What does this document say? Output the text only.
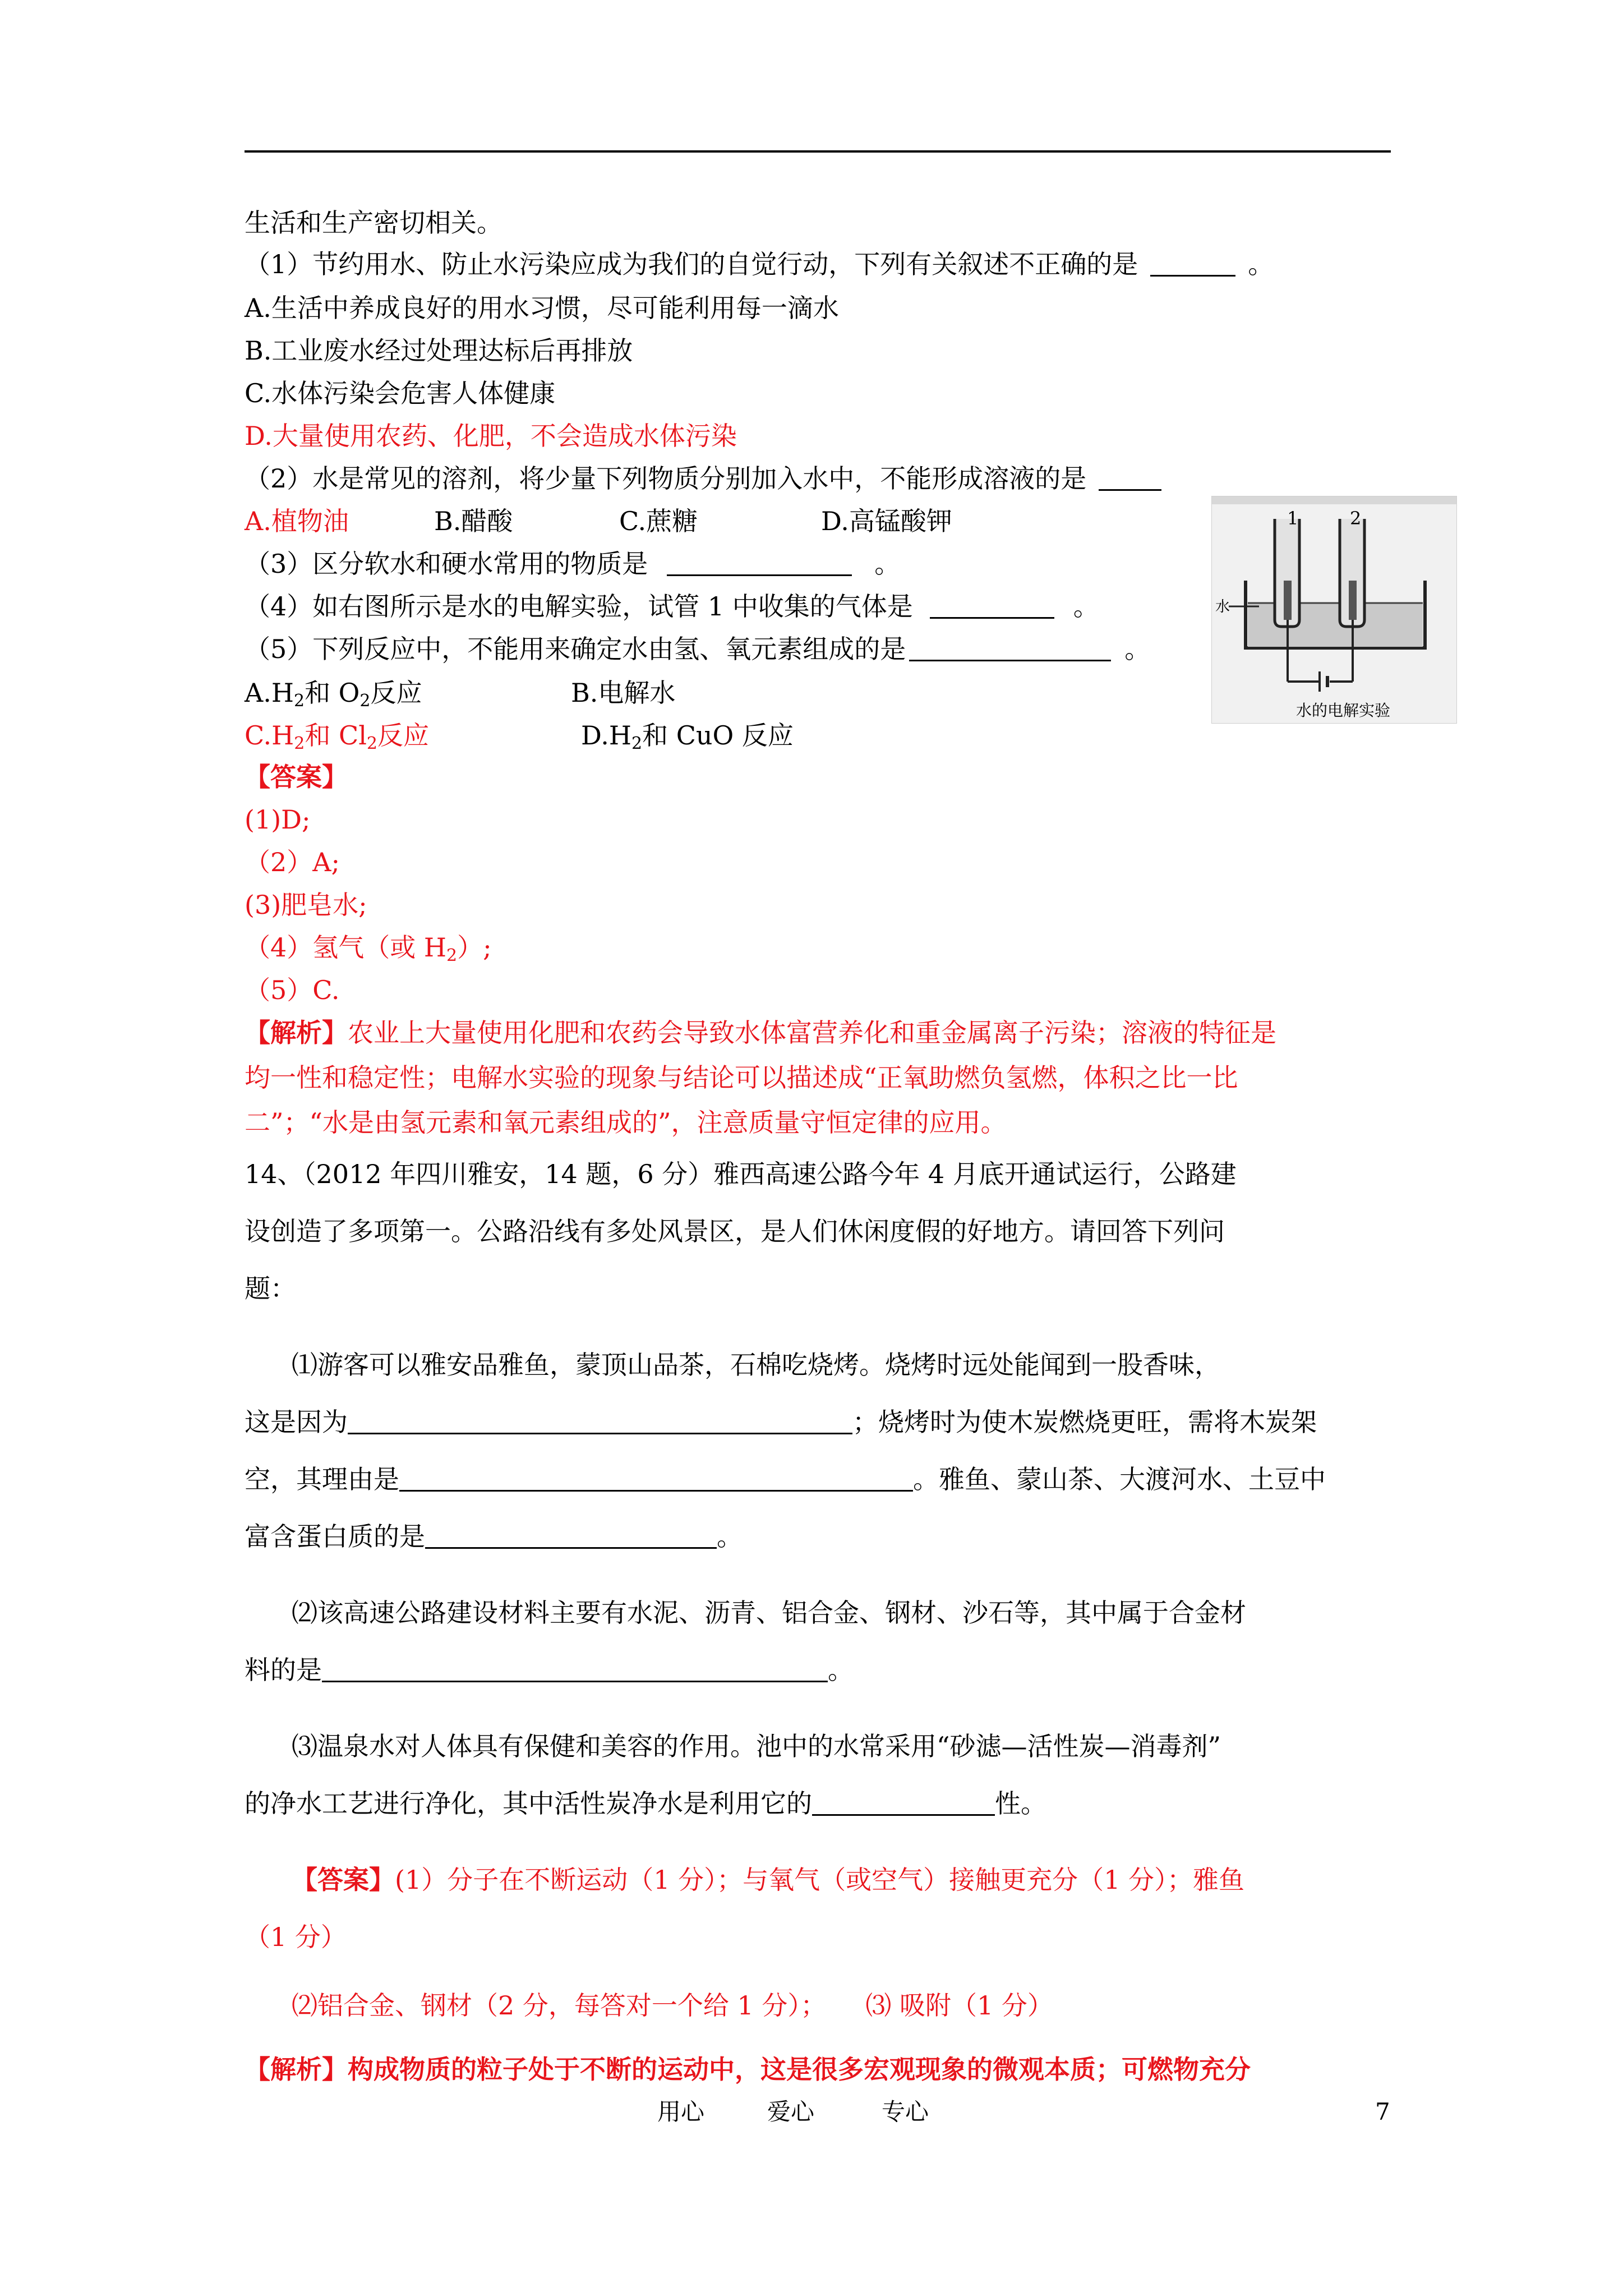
生活和生产密切相关。
（1）节约用水、防止水污染应成为我们的自觉行动，下列有关叙述不正确的是	。
A.生活中养成良好的用水习惯，尽可能利用每一滴水
B.工业废水经过处理达标后再排放
C.水体污染会危害人体健康
D.大量使用农药、化肥，不会造成水体污染
（2）水是常见的溶剂，将少量下列物质分别加入水中，不能形成溶液的是
A.植物油	B.醋酸	C.蔗糖	D.高锰酸钾
（3）区分软水和硬水常用的物质是	。
（4）如右图所示是水的电解实验，试管 1 中收集的气体是	。
（5）下列反应中，不能用来确定水由氢、氧元素组成的是	。
$A.H_2$和 $O_2$反应	B.电解水
$C.H_2$和 $Cl_2$反应	$D.H_2$和 CuO 反应
【答案】
(1)D;
（2）A;
(3)肥皂水;
（4）氢气（或 $H_2$）;
（5）C.
【解析】农业上大量使用化肥和农药会导致水体富营养化和重金属离子污染；溶液的特征是
均一性和稳定性；电解水实验的现象与结论可以描述成“正氧助燃负氢燃，体积之比一比
二”；“水是由氢元素和氧元素组成的”，注意质量守恒定律的应用。
14、（2012 年四川雅安，14 题，6 分）雅西高速公路今年 4 月底开通试运行，公路建
设创造了多项第一。公路沿线有多处风景区，是人们休闲度假的好地方。请回答下列问
题：
⑴游客可以雅安品雅鱼，蒙顶山品茶，石棉吃烧烤。烧烤时远处能闻到一股香味，
这是因为	；烧烤时为使木炭燃烧更旺，需将木炭架
空，其理由是	。雅鱼、蒙山茶、大渡河水、土豆中
富含蛋白质的是	。
⑵该高速公路建设材料主要有水泥、沥青、铝合金、钢材、沙石等，其中属于合金材
料的是	。
⑶温泉水对人体具有保健和美容的作用。池中的水常采用“砂滤—活性炭—消毒剂”
的净水工艺进行净化，其中活性炭净水是利用它的	性。
【答案】(1）分子在不断运动（1 分）；与氧气（或空气）接触更充分（1 分）；雅鱼
（1 分）
⑵铝合金、钢材（2 分，每答对一个给 1 分）； ⑶ 吸附（1 分）
【解析】构成物质的粒子处于不断的运动中，这是很多宏观现象的微观本质；可燃物充分
1	2
水
水的电解实验
用心	爱心	专心	7
